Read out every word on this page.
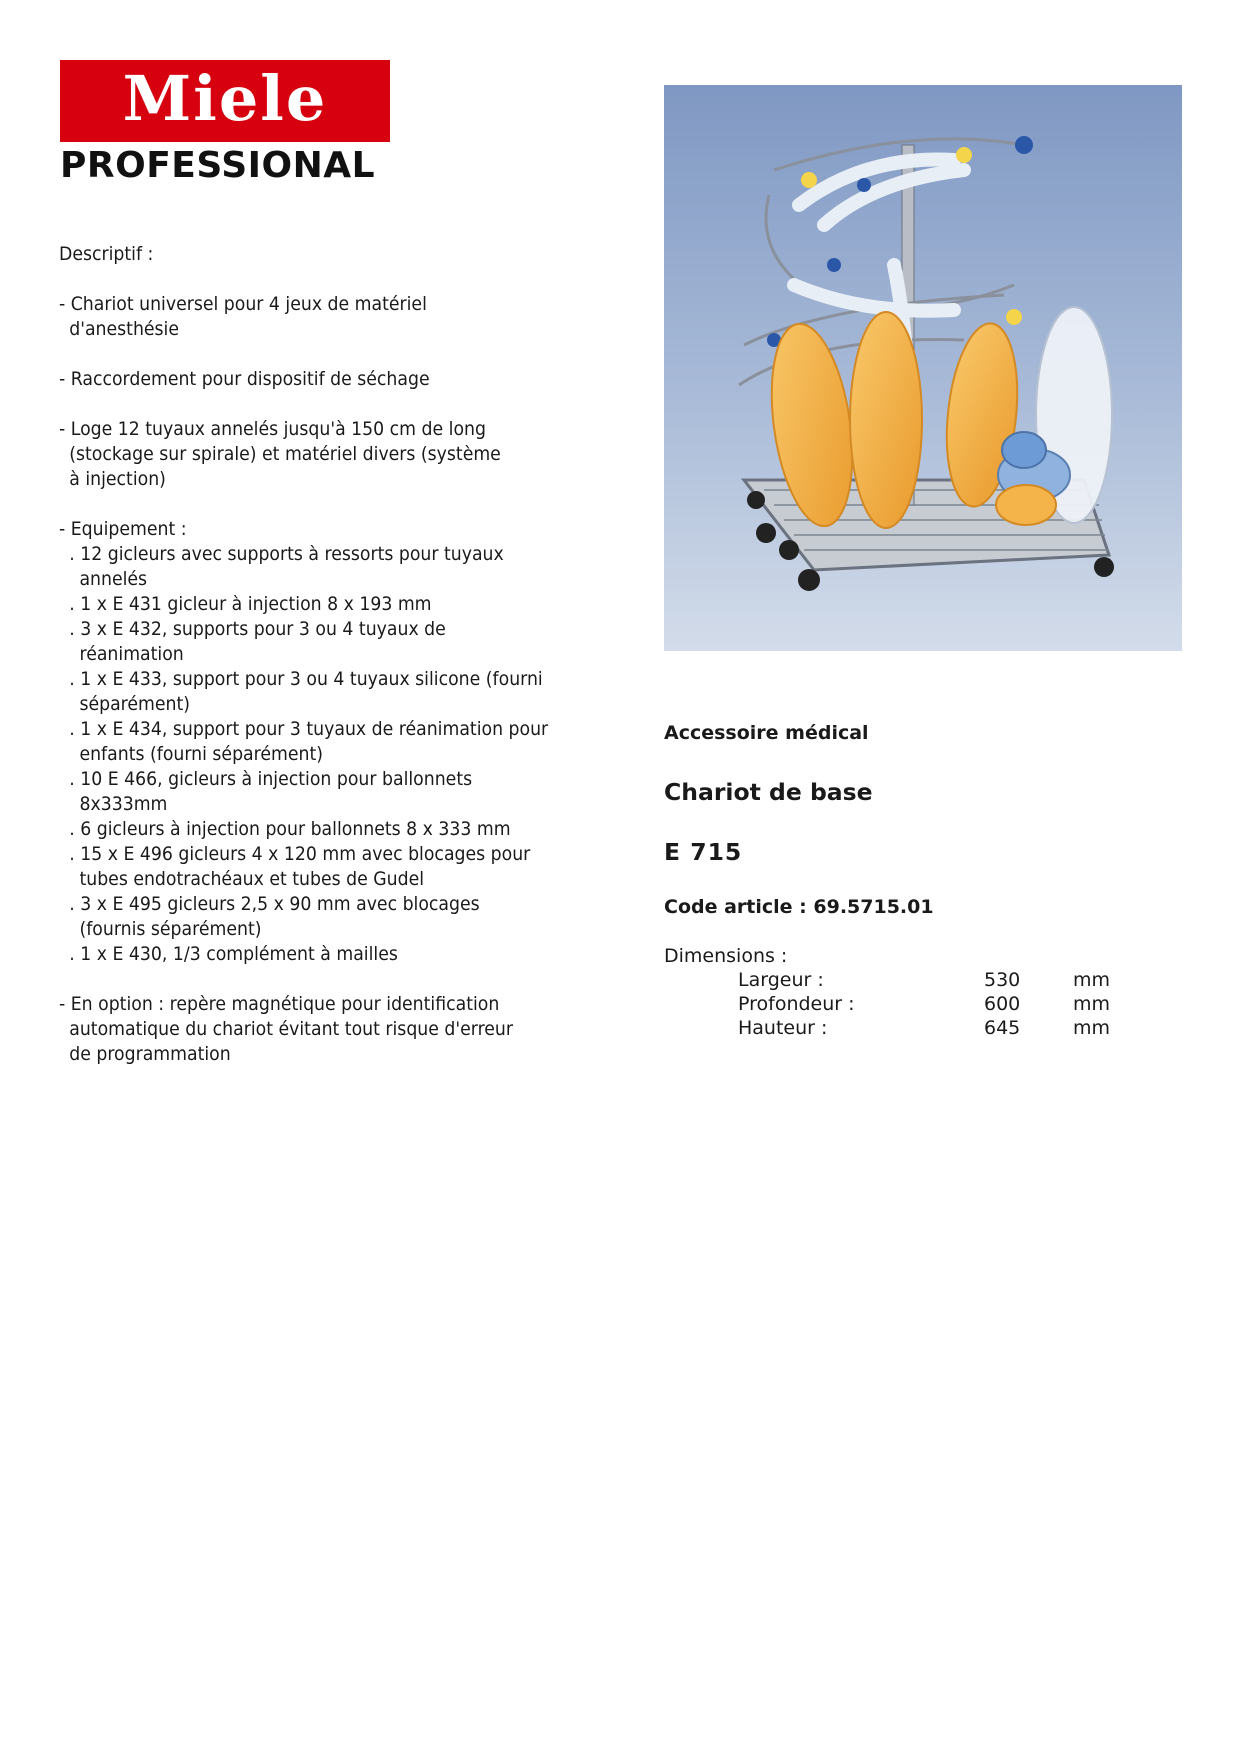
Miele
PROFESSIONAL

Descriptif :

- Chariot universel pour 4 jeux de matériel

d'anesthésie

- Raccordement pour dispositif de séchage

- Loge 12 tuyaux annelés jusqu'à 150 cm de long

(stockage sur spirale) et matériel divers (système

à injection)

- Equipement :

. 12 gicleurs avec supports à ressorts pour tuyaux

annelés

. 1 x E 431 gicleur à injection 8 x 193 mm

. 3 x E 432, supports pour 3 ou 4 tuyaux de

réanimation

. 1 x E 433, support pour 3 ou 4 tuyaux silicone (fourni

séparément)

. 1 x E 434, support pour 3 tuyaux de réanimation pour

enfants (fourni séparément)

. 10 E 466, gicleurs à injection pour ballonnets

8x333mm

. 6 gicleurs à injection pour ballonnets 8 x 333 mm

. 15 x E 496 gicleurs 4 x 120 mm avec blocages pour

tubes endotrachéaux et tubes de Gudel

. 3 x E 495 gicleurs 2,5 x 90 mm avec blocages

(fournis séparément)

. 1 x E 430, 1/3 complément à mailles

- En option : repère magnétique pour identification

automatique du chariot évitant tout risque d'erreur

de programmation

Accessoire médical
Chariot de base
E 715
Code article : 69.5715.01
Dimensions :
Largeur :	530	mm
Profondeur :	600	mm
Hauteur :	645	mm
